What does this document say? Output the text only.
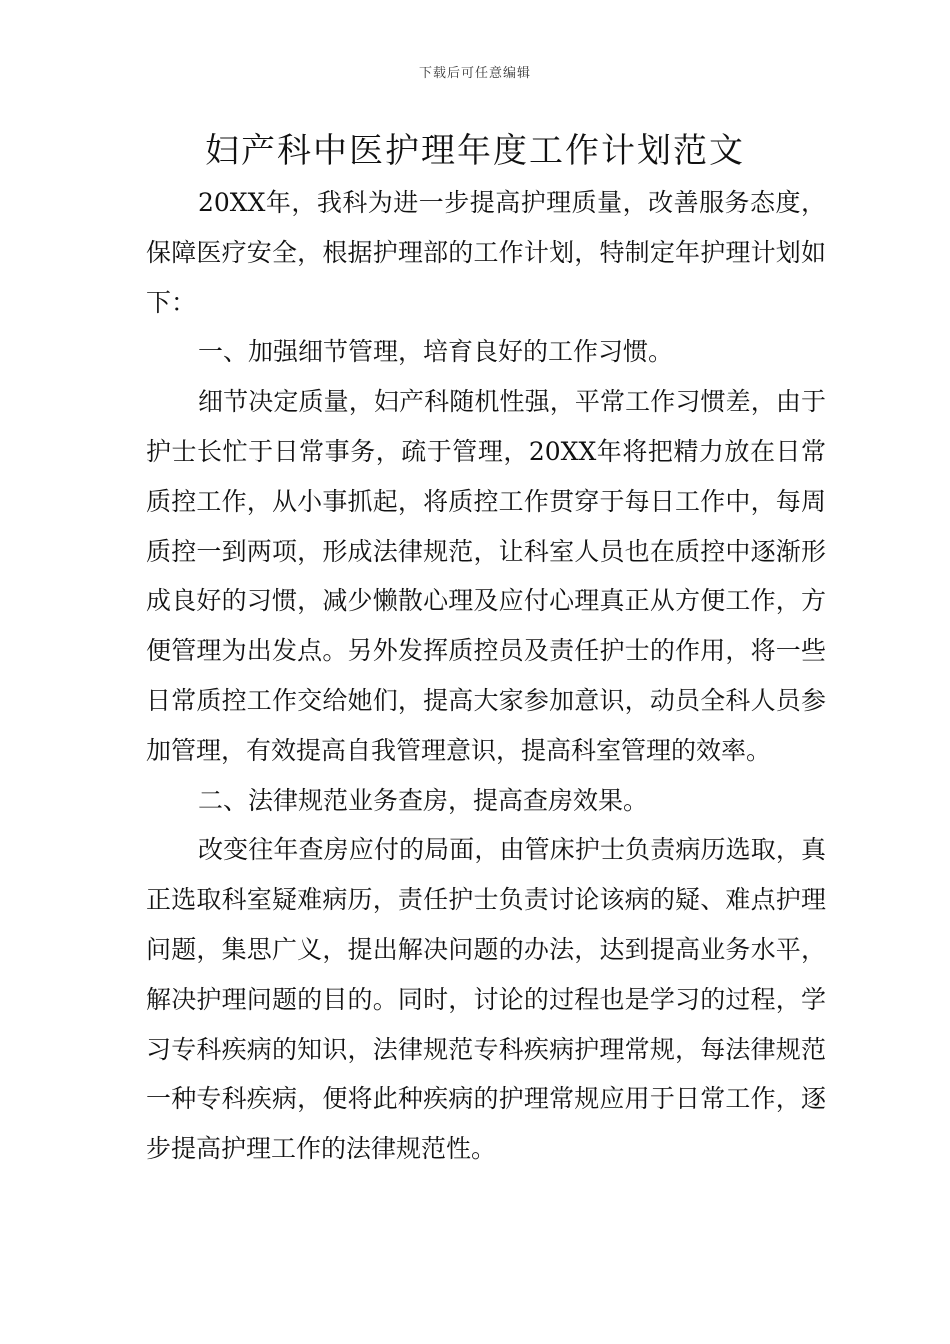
下载后可任意编辑
妇产科中医护理年度工作计划范文

20XX年，我科为进一步提高护理质量，改善服务态度，保障医疗安全，根据护理部的工作计划，特制定年护理计划如下：

一、加强细节管理，培育良好的工作习惯。

细节决定质量，妇产科随机性强，平常工作习惯差，由于护士长忙于日常事务，疏于管理，20XX年将把精力放在日常质控工作，从小事抓起，将质控工作贯穿于每日工作中，每周质控一到两项，形成法律规范，让科室人员也在质控中逐渐形成良好的习惯，减少懒散心理及应付心理真正从方便工作，方便管理为出发点。另外发挥质控员及责任护士的作用，将一些日常质控工作交给她们，提高大家参加意识，动员全科人员参加管理，有效提高自我管理意识，提高科室管理的效率。

二、法律规范业务查房，提高查房效果。

改变往年查房应付的局面，由管床护士负责病历选取，真正选取科室疑难病历，责任护士负责讨论该病的疑、难点护理问题，集思广义，提出解决问题的办法，达到提高业务水平，解决护理问题的目的。同时，讨论的过程也是学习的过程，学习专科疾病的知识，法律规范专科疾病护理常规，每法律规范一种专科疾病，便将此种疾病的护理常规应用于日常工作，逐步提高护理工作的法律规范性。
